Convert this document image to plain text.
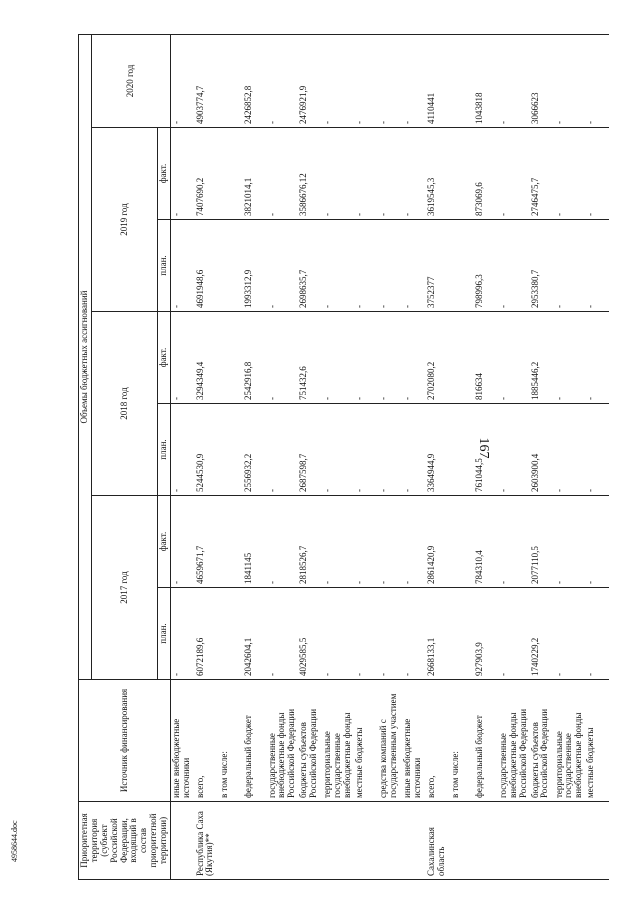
167
4958644.doc	Приоритетная территория (субъект Российской Федерации, входящий в состав приоритетной территории)	Источник финансирования	Объемы бюджетных ассигнований						
		2017 год		2018 год		2019 год		2020 год
		план.	факт.	план.	факт.	план.	факт.	
	иные внебюджетные источники	-	-	-	-	-	-	-
Республика Саха (Якутия)**	всего,	6072189,6	4659671,7	5244530,9	3294349,4	4691948,6	7407690,2	4903774,7
	в том числе:							
	федеральный бюджет	2042604,1	1841145	2556932,2	2542916,8	1993312,9	3821014,1	2426852,8
	государственные внебюджетные фонды Российской Федерации	-	-	-	-	-	-	-
	бюджеты субъектов Российской Федерации	4029585,5	2818526,7	2687598,7	751432,6	2698635,7	3586676,12	2476921,9
	территориальные государственные внебюджетные фонды	-	-	-	-	-	-	-
	местные бюджеты	-	-	-	-	-	-	-
	средства компаний с государственным участием	-	-	-	-	-	-	-
	иные внебюджетные источники	-	-	-	-	-	-	-
Сахалинская область	всего,	2668133,1	2861420,9	3364944,9	2702080,2	3752377	3619545,3	4110441
	в том числе:							
	федеральный бюджет	927903,9	784310,4	761044,5	816634	798996,3	873069,6	1043818
	государственные внебюджетные фонды Российской Федерации	-	-	-	-	-	-	-
	бюджеты субъектов Российской Федерации	1740229,2	2077110,5	2603900,4	1885446,2	2953380,7	2746475,7	3066623
	территориальные государственные внебюджетные фонды	-	-	-	-	-	-	-
	местные бюджеты	-	-	-	-	-	-	-
